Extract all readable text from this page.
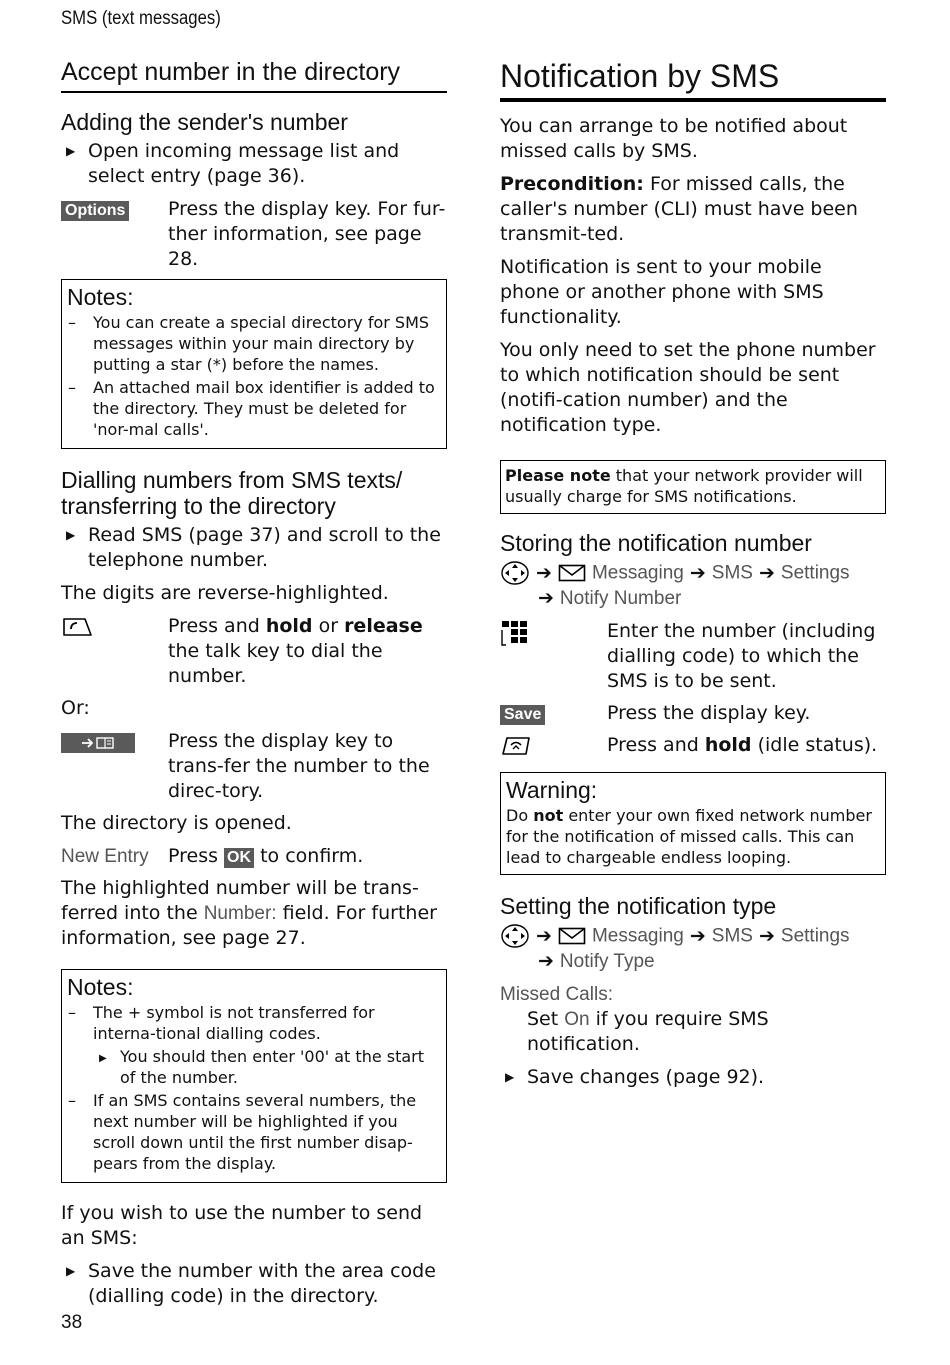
SMS (text messages)
Accept number in the directory
Adding the sender's number
▶ Open incoming message list and select entry (page 36).
Options	Press the display key. For fur-ther information, see page 28.
Notes:
– You can create a special directory for SMS messages within your main directory by putting a star (*) before the names.
– An attached mail box identifier is added to the directory. They must be deleted for 'nor-mal calls'.
Dialling numbers from SMS texts/ transferring to the directory
▶ Read SMS (page 37) and scroll to the telephone number.

The digits are reverse-highlighted.

Press and hold or release the talk key to dial the number.

Or:

Press the display key to trans-fer the number to the direc-tory.

The directory is opened.

New Entry	Press OK to confirm.

The highlighted number will be trans-ferred into the Number: field. For further information, see page 27.

Notes:
– The + symbol is not transferred for interna-tional dialling codes.
▶ You should then enter '00' at the start of the number.
– If an SMS contains several numbers, the next number will be highlighted if you scroll down until the first number disap-pears from the display.

If you wish to use the number to send an SMS:

▶ Save the number with the area code (dialling code) in the directory.
Notification by SMS

You can arrange to be notified about missed calls by SMS.

Precondition: For missed calls, the caller's number (CLI) must have been transmit-ted.

Notification is sent to your mobile phone or another phone with SMS functionality.

You only need to set the phone number to which notification should be sent (notifi-cation number) and the notification type.

Please note that your network provider will usually charge for SMS notifications.
Storing the notification number
➔ Messaging ➔ SMS ➔ Settings
➔ Notify Number
Enter the number (including dialling code) to which the SMS is to be sent.
Save	Press the display key.
Press and hold (idle status).
Warning:
Do not enter your own fixed network number for the notification of missed calls. This can lead to chargeable endless looping.
Setting the notification type
➔ Messaging ➔ SMS ➔ Settings
➔ Notify Type
Missed Calls:
Set On if you require SMS notification.
▶ Save changes (page 92).
38
